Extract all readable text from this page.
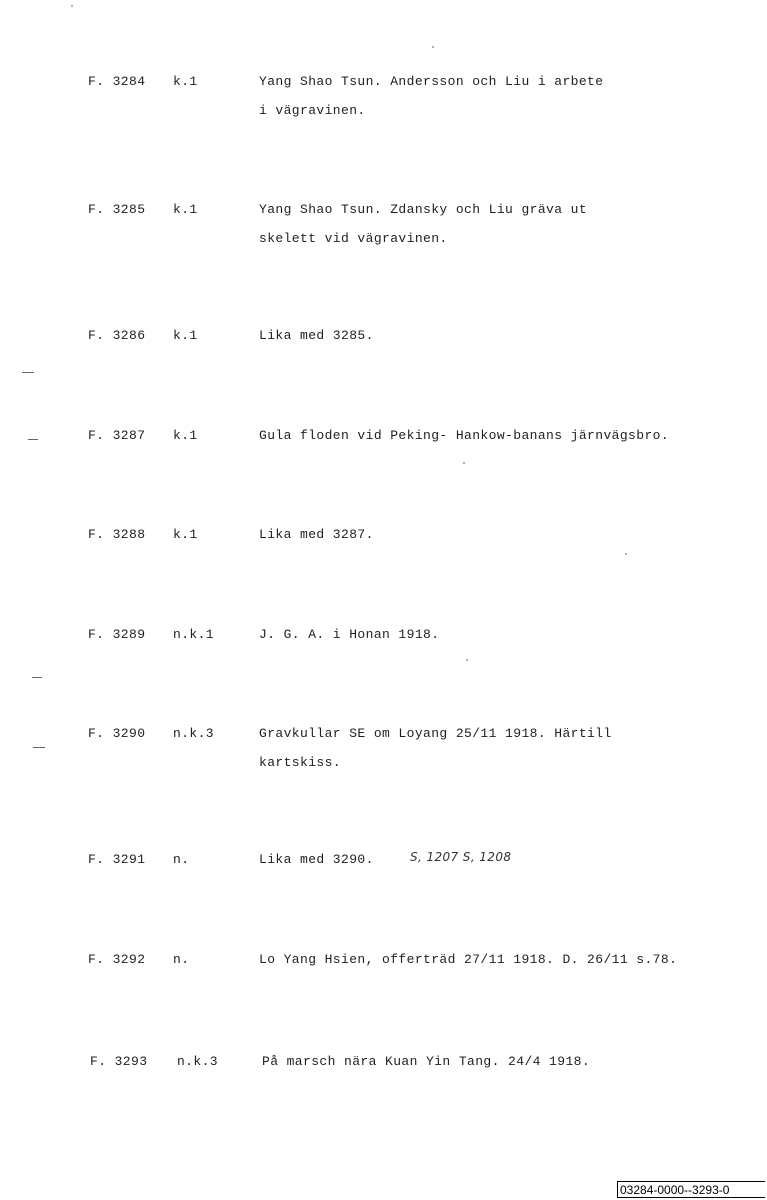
F. 3284 k.1	Yang Shao Tsun. Andersson och Liu i arbete
i vägravinen.
F. 3285 k.1	Yang Shao Tsun. Zdansky och Liu gräva ut
skelett vid vägravinen.
F. 3286 k.1	Lika med 3285.
F. 3287 k.1	Gula floden vid Peking- Hankow-banans järnvägsbro.
F. 3288 k.1	Lika med 3287.
F. 3289 n.k.1	J. G. A. i Honan 1918.
F. 3290 n.k.3	Gravkullar SE om Loyang 25/11 1918. Härtill
kartskiss.
F. 3291 n.	Lika med 3290.	S, 1207 S, 1208
F. 3292 n.	Lo Yang Hsien, offerträd 27/11 1918. D. 26/11 s.78.
F. 3293 n.k.3	På marsch nära Kuan Yin Tang. 24/4 1918.
03284-0000--3293-0
